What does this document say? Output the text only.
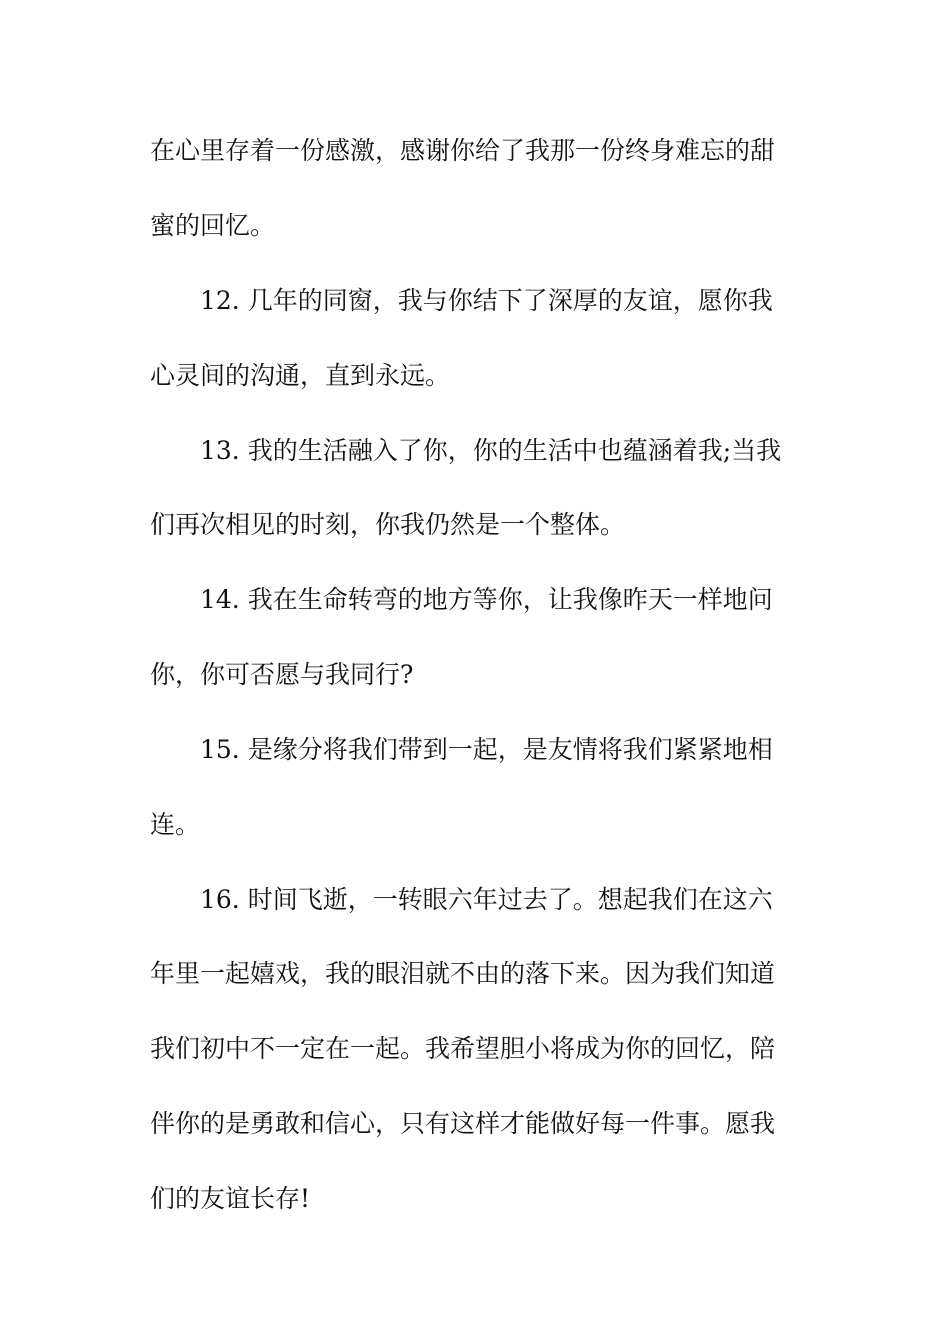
在心里存着一份感激，感谢你给了我那一份终身难忘的甜

蜜的回忆。

12. 几年的同窗，我与你结下了深厚的友谊，愿你我

心灵间的沟通，直到永远。

13. 我的生活融入了你，你的生活中也蕴涵着我;当我

们再次相见的时刻，你我仍然是一个整体。

14. 我在生命转弯的地方等你，让我像昨天一样地问

你，你可否愿与我同行?

15. 是缘分将我们带到一起，是友情将我们紧紧地相

连。

16. 时间飞逝，一转眼六年过去了。想起我们在这六

年里一起嬉戏，我的眼泪就不由的落下来。因为我们知道

我们初中不一定在一起。我希望胆小将成为你的回忆，陪

伴你的是勇敢和信心，只有这样才能做好每一件事。愿我

们的友谊长存!
